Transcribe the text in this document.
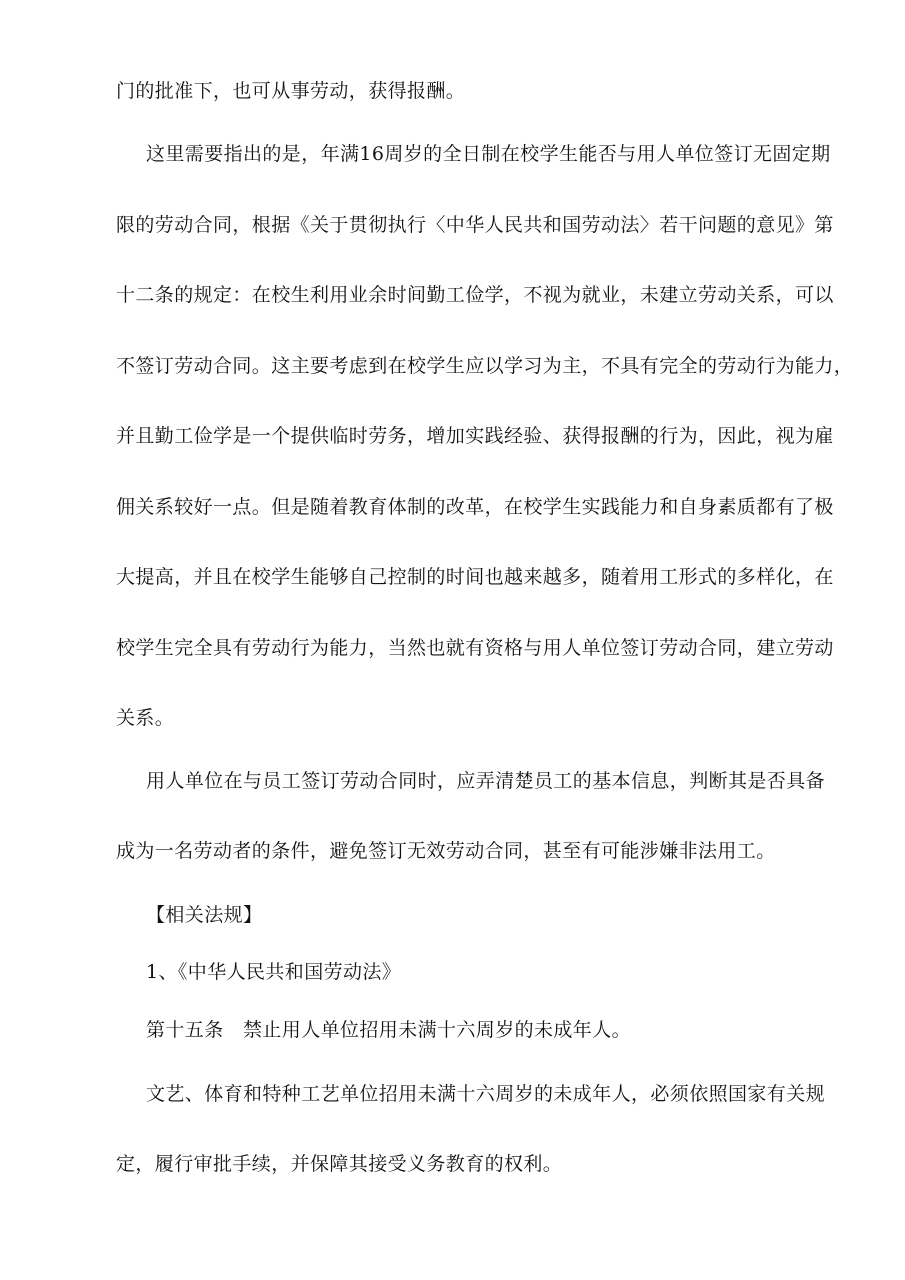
门的批准下，也可从事劳动，获得报酬。

这里需要指出的是，年满16周岁的全日制在校学生能否与用人单位签订无固定期

限的劳动合同，根据《关于贯彻执行〈中华人民共和国劳动法〉若干问题的意见》第

十二条的规定：在校生利用业余时间勤工俭学，不视为就业，未建立劳动关系，可以

不签订劳动合同。这主要考虑到在校学生应以学习为主，不具有完全的劳动行为能力，

并且勤工俭学是一个提供临时劳务，增加实践经验、获得报酬的行为，因此，视为雇

佣关系较好一点。但是随着教育体制的改革，在校学生实践能力和自身素质都有了极

大提高，并且在校学生能够自己控制的时间也越来越多，随着用工形式的多样化，在

校学生完全具有劳动行为能力，当然也就有资格与用人单位签订劳动合同，建立劳动

关系。

用人单位在与员工签订劳动合同时，应弄清楚员工的基本信息，判断其是否具备

成为一名劳动者的条件，避免签订无效劳动合同，甚至有可能涉嫌非法用工。

【相关法规】

1、《中华人民共和国劳动法》

第十五条　禁止用人单位招用未满十六周岁的未成年人。

文艺、体育和特种工艺单位招用未满十六周岁的未成年人，必须依照国家有关规

定，履行审批手续，并保障其接受义务教育的权利。
